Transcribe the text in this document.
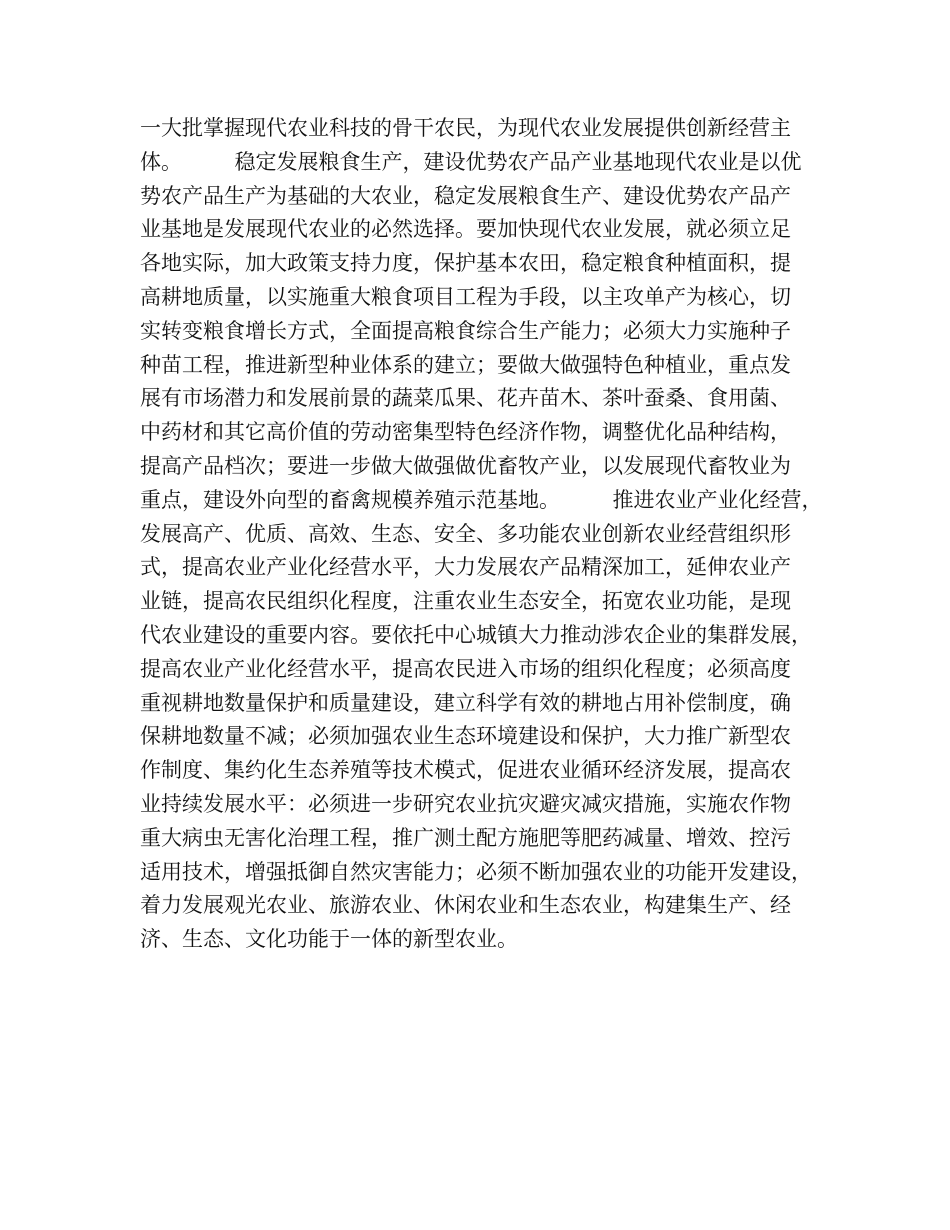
一大批掌握现代农业科技的骨干农民，为现代农业发展提供创新经营主
体。　　　稳定发展粮食生产，建设优势农产品产业基地现代农业是以优
势农产品生产为基础的大农业，稳定发展粮食生产、建设优势农产品产
业基地是发展现代农业的必然选择。要加快现代农业发展，就必须立足
各地实际，加大政策支持力度，保护基本农田，稳定粮食种植面积，提
高耕地质量，以实施重大粮食项目工程为手段，以主攻单产为核心，切
实转变粮食增长方式，全面提高粮食综合生产能力；必须大力实施种子
种苗工程，推进新型种业体系的建立；要做大做强特色种植业，重点发
展有市场潜力和发展前景的蔬菜瓜果、花卉苗木、茶叶蚕桑、食用菌、
中药材和其它高价值的劳动密集型特色经济作物，调整优化品种结构，
提高产品档次；要进一步做大做强做优畜牧产业，以发展现代畜牧业为
重点，建设外向型的畜禽规模养殖示范基地。　　　推进农业产业化经营，
发展高产、优质、高效、生态、安全、多功能农业创新农业经营组织形
式，提高农业产业化经营水平，大力发展农产品精深加工，延伸农业产
业链，提高农民组织化程度，注重农业生态安全，拓宽农业功能，是现
代农业建设的重要内容。要依托中心城镇大力推动涉农企业的集群发展，
提高农业产业化经营水平，提高农民进入市场的组织化程度；必须高度
重视耕地数量保护和质量建设，建立科学有效的耕地占用补偿制度，确
保耕地数量不减；必须加强农业生态环境建设和保护，大力推广新型农
作制度、集约化生态养殖等技术模式，促进农业循环经济发展，提高农
业持续发展水平：必须进一步研究农业抗灾避灾减灾措施，实施农作物
重大病虫无害化治理工程，推广测土配方施肥等肥药减量、增效、控污
适用技术，增强抵御自然灾害能力；必须不断加强农业的功能开发建设，
着力发展观光农业、旅游农业、休闲农业和生态农业，构建集生产、经
济、生态、文化功能于一体的新型农业。
